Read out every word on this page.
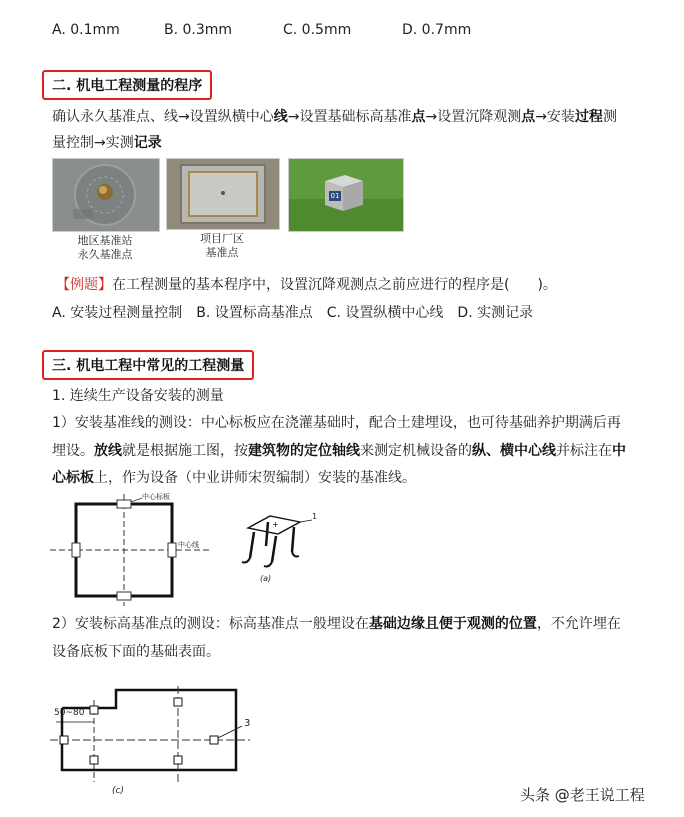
A. 0.1mm	B. 0.3mm	C. 0.5mm	D. 0.7mm
二. 机电工程测量的程序
确认永久基准点、线→设置纵横中心线→设置基础标高基准点→设置沉降观测点→安装过程测
量控制→实测记录
地区基准站
永久基准点
项目厂区
基准点
01
【例题】在工程测量的基本程序中，设置沉降观测点之前应进行的程序是(　　)。
A. 安装过程测量控制　B. 设置标高基准点　C. 设置纵横中心线　D. 实测记录
三. 机电工程中常见的工程测量
1. 连续生产设备安装的测量
1）安装基准线的测设：中心标板应在浇灌基础时，配合土建埋设，也可待基础养护期满后再
埋设。放线就是根据施工图，按建筑物的定位轴线来测定机械设备的纵、横中心线并标注在中
心标板上，作为设备（中业讲师宋贺编制）安装的基准线。
中心标板
中心线
+
1
(a)
2）安装标高基准点的测设：标高基准点一般埋设在基础边缘且便于观测的位置，不允许埋在
设备底板下面的基础表面。
50~80
3
(c)	头条 @老王说工程
